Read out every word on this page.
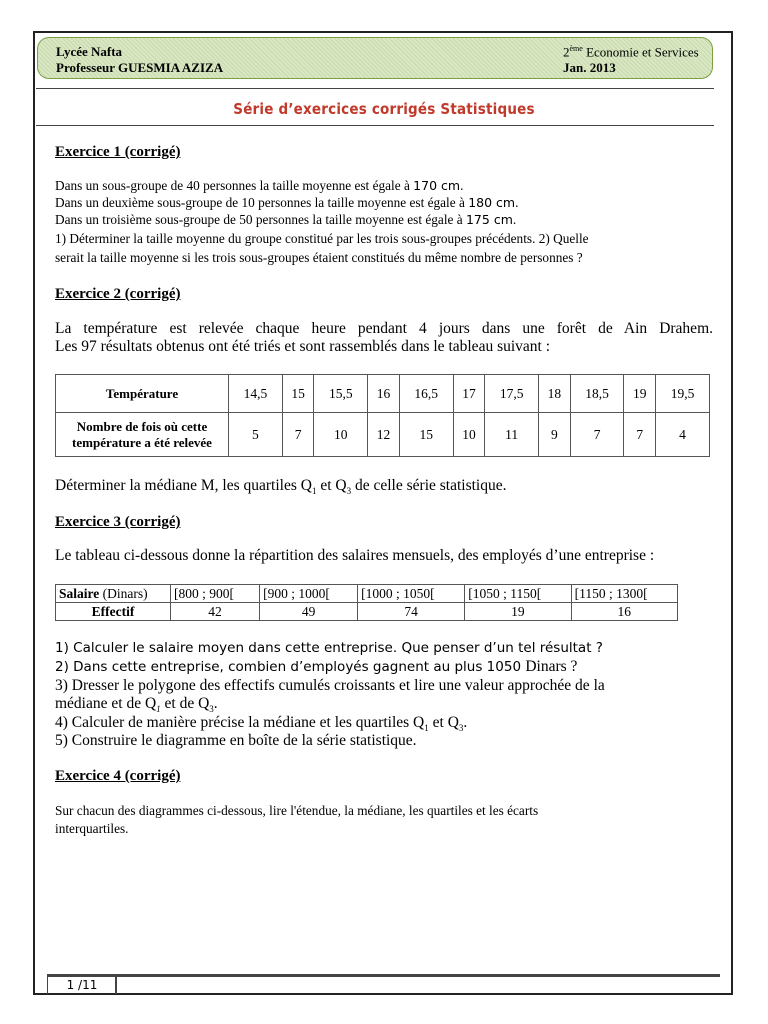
Lycée Nafta
Professeur GUESMIA AZIZA
2ème Economie et Services
Jan. 2013
Série d’exercices corrigés Statistiques
Exercice 1 (corrigé)
Dans un sous-groupe de 40 personnes la taille moyenne est égale à 170 cm.
Dans un deuxième sous-groupe de 10 personnes la taille moyenne est égale à 180 cm.
Dans un troisième sous-groupe de 50 personnes la taille moyenne est égale à 175 cm.
1) Déterminer la taille moyenne du groupe constitué par les trois sous-groupes précédents. 2) Quelle
serait la taille moyenne si les trois sous-groupes étaient constitués du même nombre de personnes ?
Exercice 2 (corrigé)
La température est relevée chaque heure pendant 4 jours dans une forêt de Ain Drahem.
Les 97 résultats obtenus ont été triés et sont rassemblés dans le tableau suivant :
Température	14,5	15	15,5	16	16,5	17	17,5	18	18,5	19	19,5
Nombre de fois où cette
température a été relevée	5	7	10	12	15	10	11	9	7	7	4
Déterminer la médiane M, les quartiles $Q_1$ et $Q_3$ de celle série statistique.
Exercice 3 (corrigé)
Le tableau ci-dessous donne la répartition des salaires mensuels, des employés d’une entreprise :
Salaire (Dinars)	[800 ; 900[	[900 ; 1000[	[1000 ; 1050[	[1050 ; 1150[	[1150 ; 1300[
Effectif	42	49	74	19	16
1) Calculer le salaire moyen dans cette entreprise. Que penser d’un tel résultat ?
2) Dans cette entreprise, combien d’employés gagnent au plus 1050 Dinars ?
3) Dresser le polygone des effectifs cumulés croissants et lire une valeur approchée de la
médiane et de $Q_1$ et de $Q_3$.
4) Calculer de manière précise la médiane et les quartiles $Q_1$ et $Q_3$.
5) Construire le diagramme en boîte de la série statistique.
Exercice 4 (corrigé)
Sur chacun des diagrammes ci-dessous, lire l'étendue, la médiane, les quartiles et les écarts
interquartiles.
1 /11
